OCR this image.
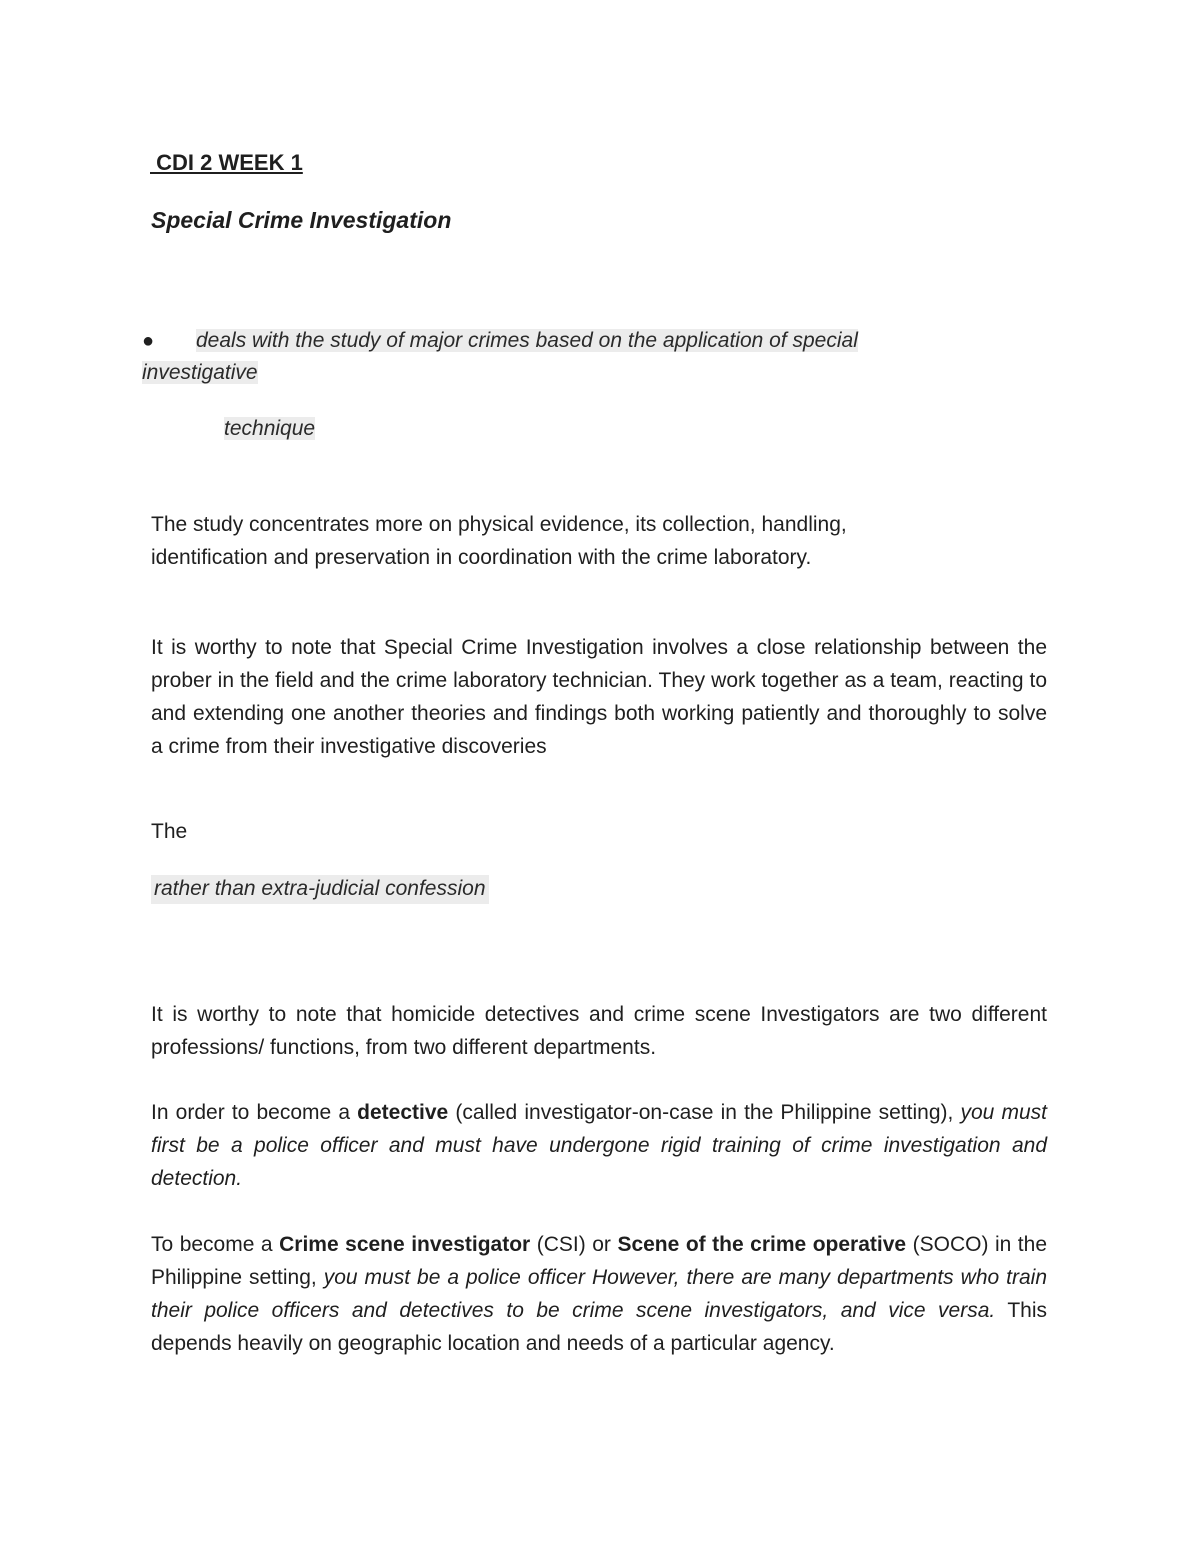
CDI 2 WEEK 1
Special Crime Investigation
● deals with the study of major crimes based on the application of special
investigative
technique
The study concentrates more on physical evidence, its collection, handling,
identification and preservation in coordination with the crime laboratory.
It is worthy to note that Special Crime Investigation involves a close relationship between the prober in the field and the crime laboratory technician. They work together as a team, reacting to and extending one another theories and findings both working patiently and thoroughly to solve a crime from their investigative discoveries
The
rather than extra-judicial confession
It is worthy to note that homicide detectives and crime scene Investigators are two different professions/ functions, from two different departments.
In order to become a detective (called investigator-on-case in the Philippine setting), you must first be a police officer and must have undergone rigid training of crime investigation and detection.
To become a Crime scene investigator (CSI) or Scene of the crime operative (SOCO) in the Philippine setting, you must be a police officer However, there are many departments who train their police officers and detectives to be crime scene investigators, and vice versa. This depends heavily on geographic location and needs of a particular agency.
